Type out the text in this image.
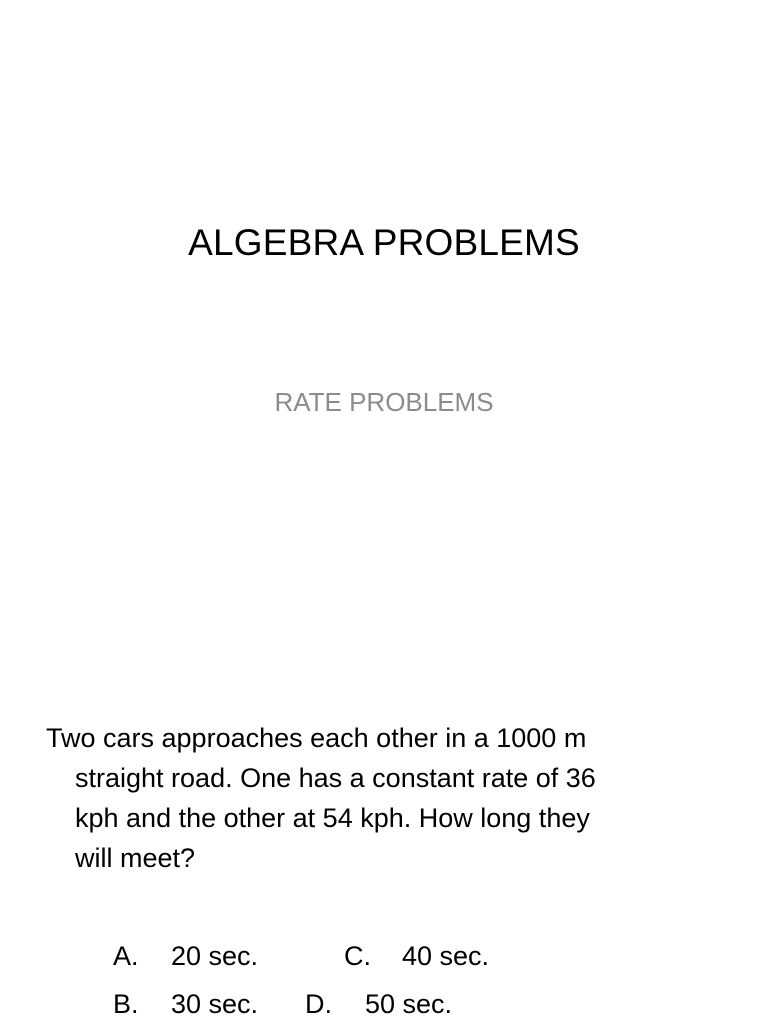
ALGEBRA PROBLEMS
RATE PROBLEMS
Two cars approaches each other in a 1000 m
straight road. One has a constant rate of 36
kph and the other at 54 kph. How long they
will meet?
A. 20 sec.	C. 40 sec.
B. 30 sec. D. 50 sec.
